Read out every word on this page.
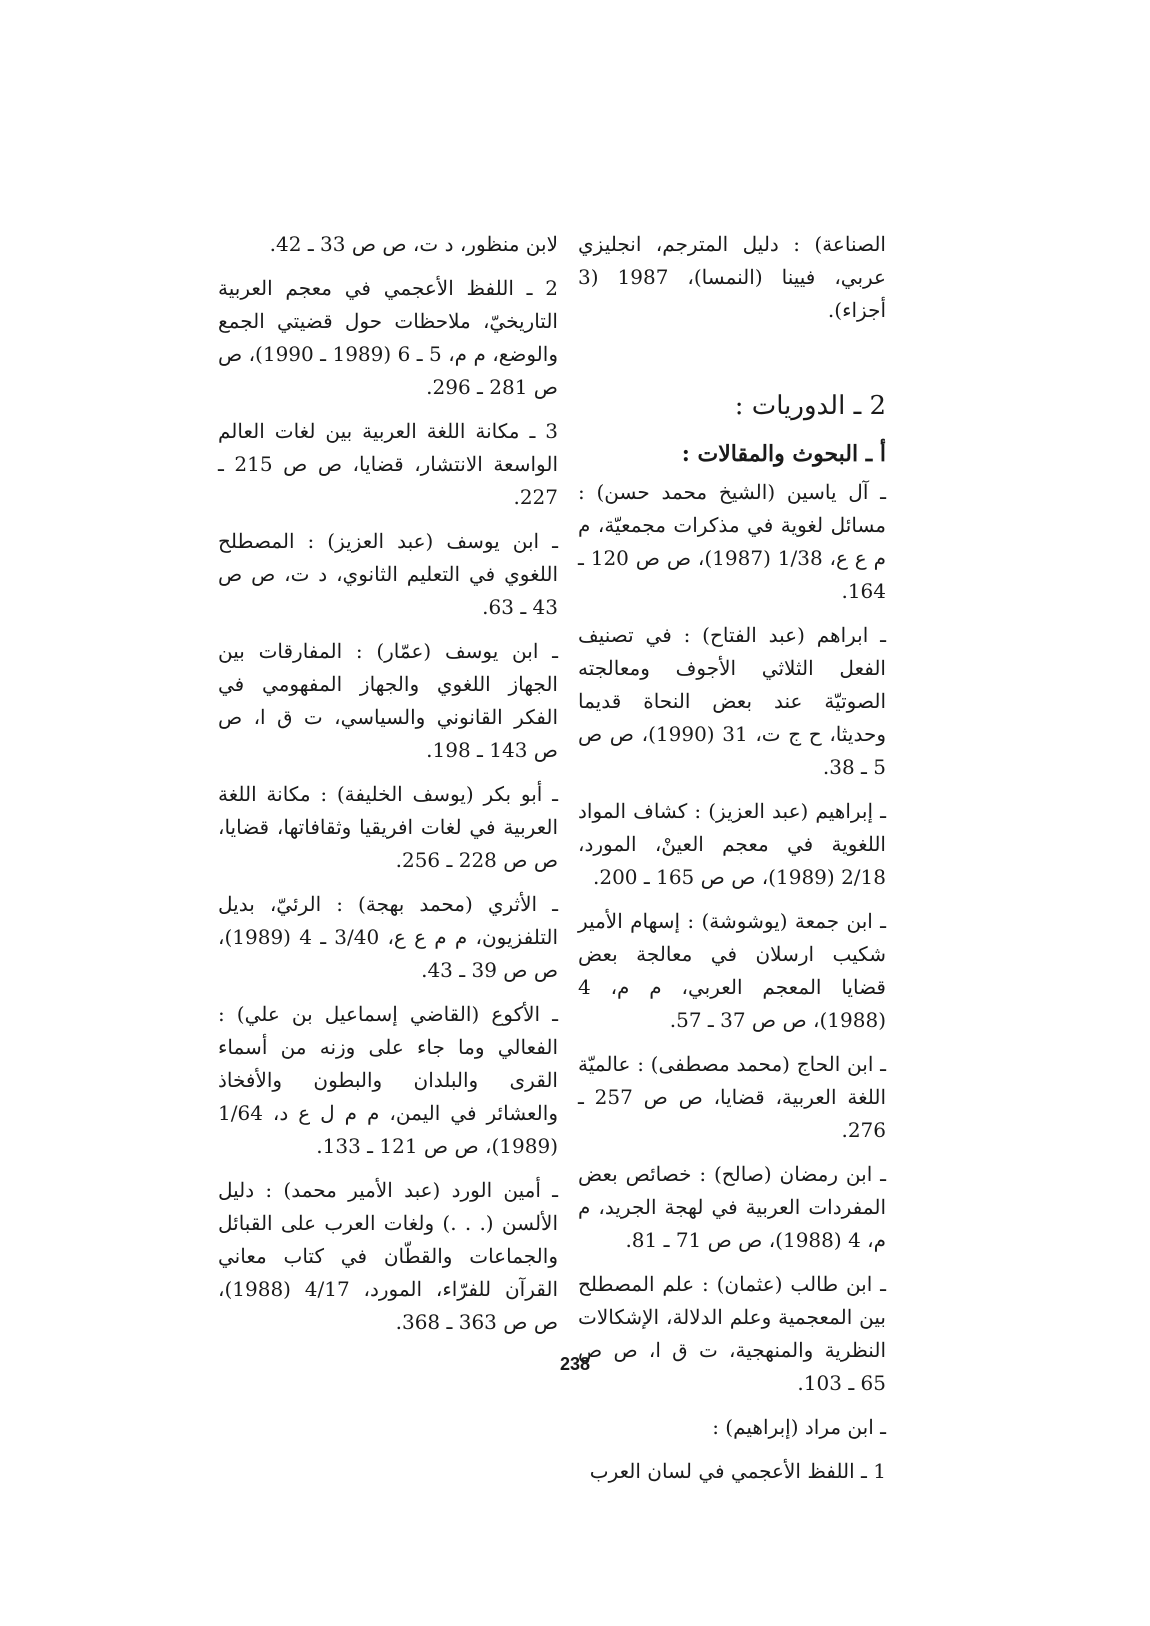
الصناعة) : دليل المترجم، انجليزي عربي، فيينا (النمسا)، 1987 (3 أجزاء).

2 ـ الدوريات :
أ ـ البحوث والمقالات :

ـ آل ياسين (الشيخ محمد حسن) : مسائل لغوية في مذكرات مجمعيّة، م م ع ع، 1/38 (1987)، ص ص 120 ـ 164.

ـ ابراهم (عبد الفتاح) : في تصنيف الفعل الثلاثي الأجوف ومعالجته الصوتيّة عند بعض النحاة قديما وحديثا، ح ج ت، 31 (1990)، ص ص 5 ـ 38.

ـ إبراهيم (عبد العزيز) : كشاف المواد اللغوية في معجم العينْ، المورد، 2/18 (1989)، ص ص 165 ـ 200.

ـ ابن جمعة (يوشوشة) : إسهام الأمير شكيب ارسلان في معالجة بعض قضايا المعجم العربي، م م، 4 (1988)، ص ص 37 ـ 57.

ـ ابن الحاج (محمد مصطفى) : عالميّة اللغة العربية، قضايا، ص ص 257 ـ 276.

ـ ابن رمضان (صالح) : خصائص بعض المفردات العربية في لهجة الجريد، م م، 4 (1988)، ص ص 71 ـ 81.

ـ ابن طالب (عثمان) : علم المصطلح بين المعجمية وعلم الدلالة، الإشكالات النظرية والمنهجية، ت ق ا، ص ص 65 ـ 103.

ـ ابن مراد (إبراهيم) :

1 ـ اللفظ الأعجمي في لسان العرب

لابن منظور، د ت، ص ص 33 ـ 42.

2 ـ اللفظ الأعجمي في معجم العربية التاريخيّ، ملاحظات حول قضيتي الجمع والوضع، م م، 5 ـ 6 (1989 ـ 1990)، ص ص 281 ـ 296.

3 ـ مكانة اللغة العربية بين لغات العالم الواسعة الانتشار، قضايا، ص ص 215 ـ 227.

ـ ابن يوسف (عبد العزيز) : المصطلح اللغوي في التعليم الثانوي، د ت، ص ص 43 ـ 63.

ـ ابن يوسف (عمّار) : المفارقات بين الجهاز اللغوي والجهاز المفهومي في الفكر القانوني والسياسي، ت ق ا، ص ص 143 ـ 198.

ـ أبو بكر (يوسف الخليفة) : مكانة اللغة العربية في لغات افريقيا وثقافاتها، قضايا، ص ص 228 ـ 256.

ـ الأثري (محمد بهجة) : الرئيّ، بديل التلفزيون، م م ع ع، 3/40 ـ 4 (1989)، ص ص 39 ـ 43.

ـ الأكوع (القاضي إسماعيل بن علي) : الفعالي وما جاء على وزنه من أسماء القرى والبلدان والبطون والأفخاذ والعشائر في اليمن، م م ل ع د، 1/64 (1989)، ص ص 121 ـ 133.

ـ أمين الورد (عبد الأمير محمد) : دليل الألسن (. . .) ولغات العرب على القبائل والجماعات والقطّان في كتاب معاني القرآن للفرّاء، المورد، 4/17 (1988)، ص ص 363 ـ 368.

238
